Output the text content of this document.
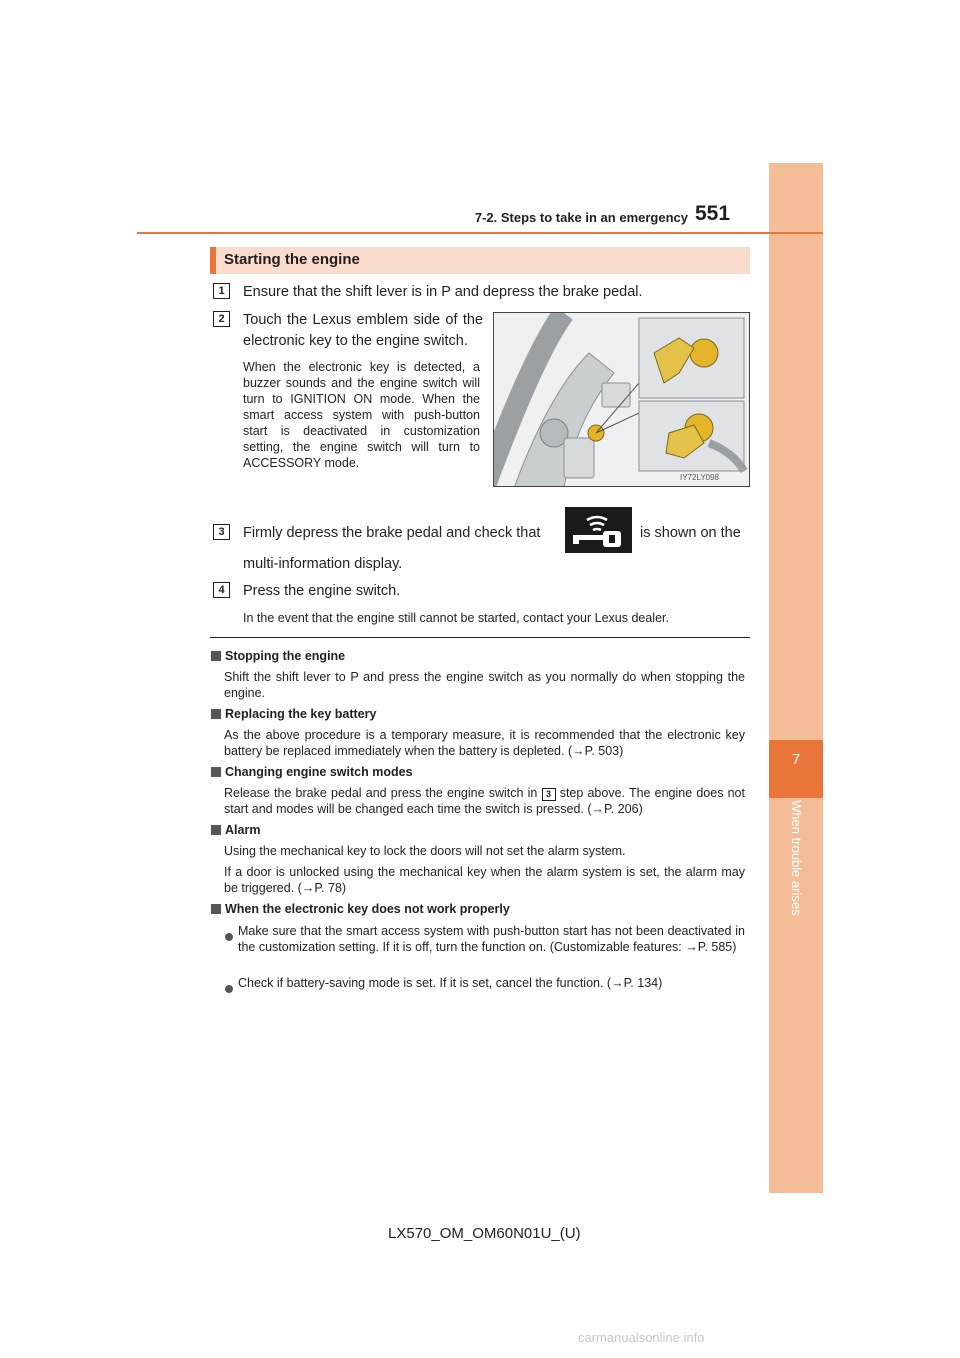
7
When trouble arises
7-2. Steps to take in an emergency 551
Starting the engine
1	Ensure that the shift lever is in P and depress the brake pedal.
2	Touch the Lexus emblem side of the electronic key to the engine switch.
When the electronic key is detected, a buzzer sounds and the engine switch will turn to IGNITION ON mode. When the smart access system with push-button start is deactivated in customization setting, the engine switch will turn to ACCESSORY mode.
IY72LY098
3	Firmly depress the brake pedal and check that	is shown on the
multi-information display.
4	Press the engine switch.
In the event that the engine still cannot be started, contact your Lexus dealer.
Stopping the engine
Shift the shift lever to P and press the engine switch as you normally do when stopping the engine.
Replacing the key battery
As the above procedure is a temporary measure, it is recommended that the electronic key battery be replaced immediately when the battery is depleted. (→P. 503)
Changing engine switch modes
Release the brake pedal and press the engine switch in 3 step above. The engine does not start and modes will be changed each time the switch is pressed. (→P. 206)
Alarm
Using the mechanical key to lock the doors will not set the alarm system.
If a door is unlocked using the mechanical key when the alarm system is set, the alarm may be triggered. (→P. 78)
When the electronic key does not work properly
Make sure that the smart access system with push-button start has not been deactivated in the customization setting. If it is off, turn the function on. (Customizable features: →P. 585)
Check if battery-saving mode is set. If it is set, cancel the function. (→P. 134)
LX570_OM_OM60N01U_(U)
carmanualsonline.info
